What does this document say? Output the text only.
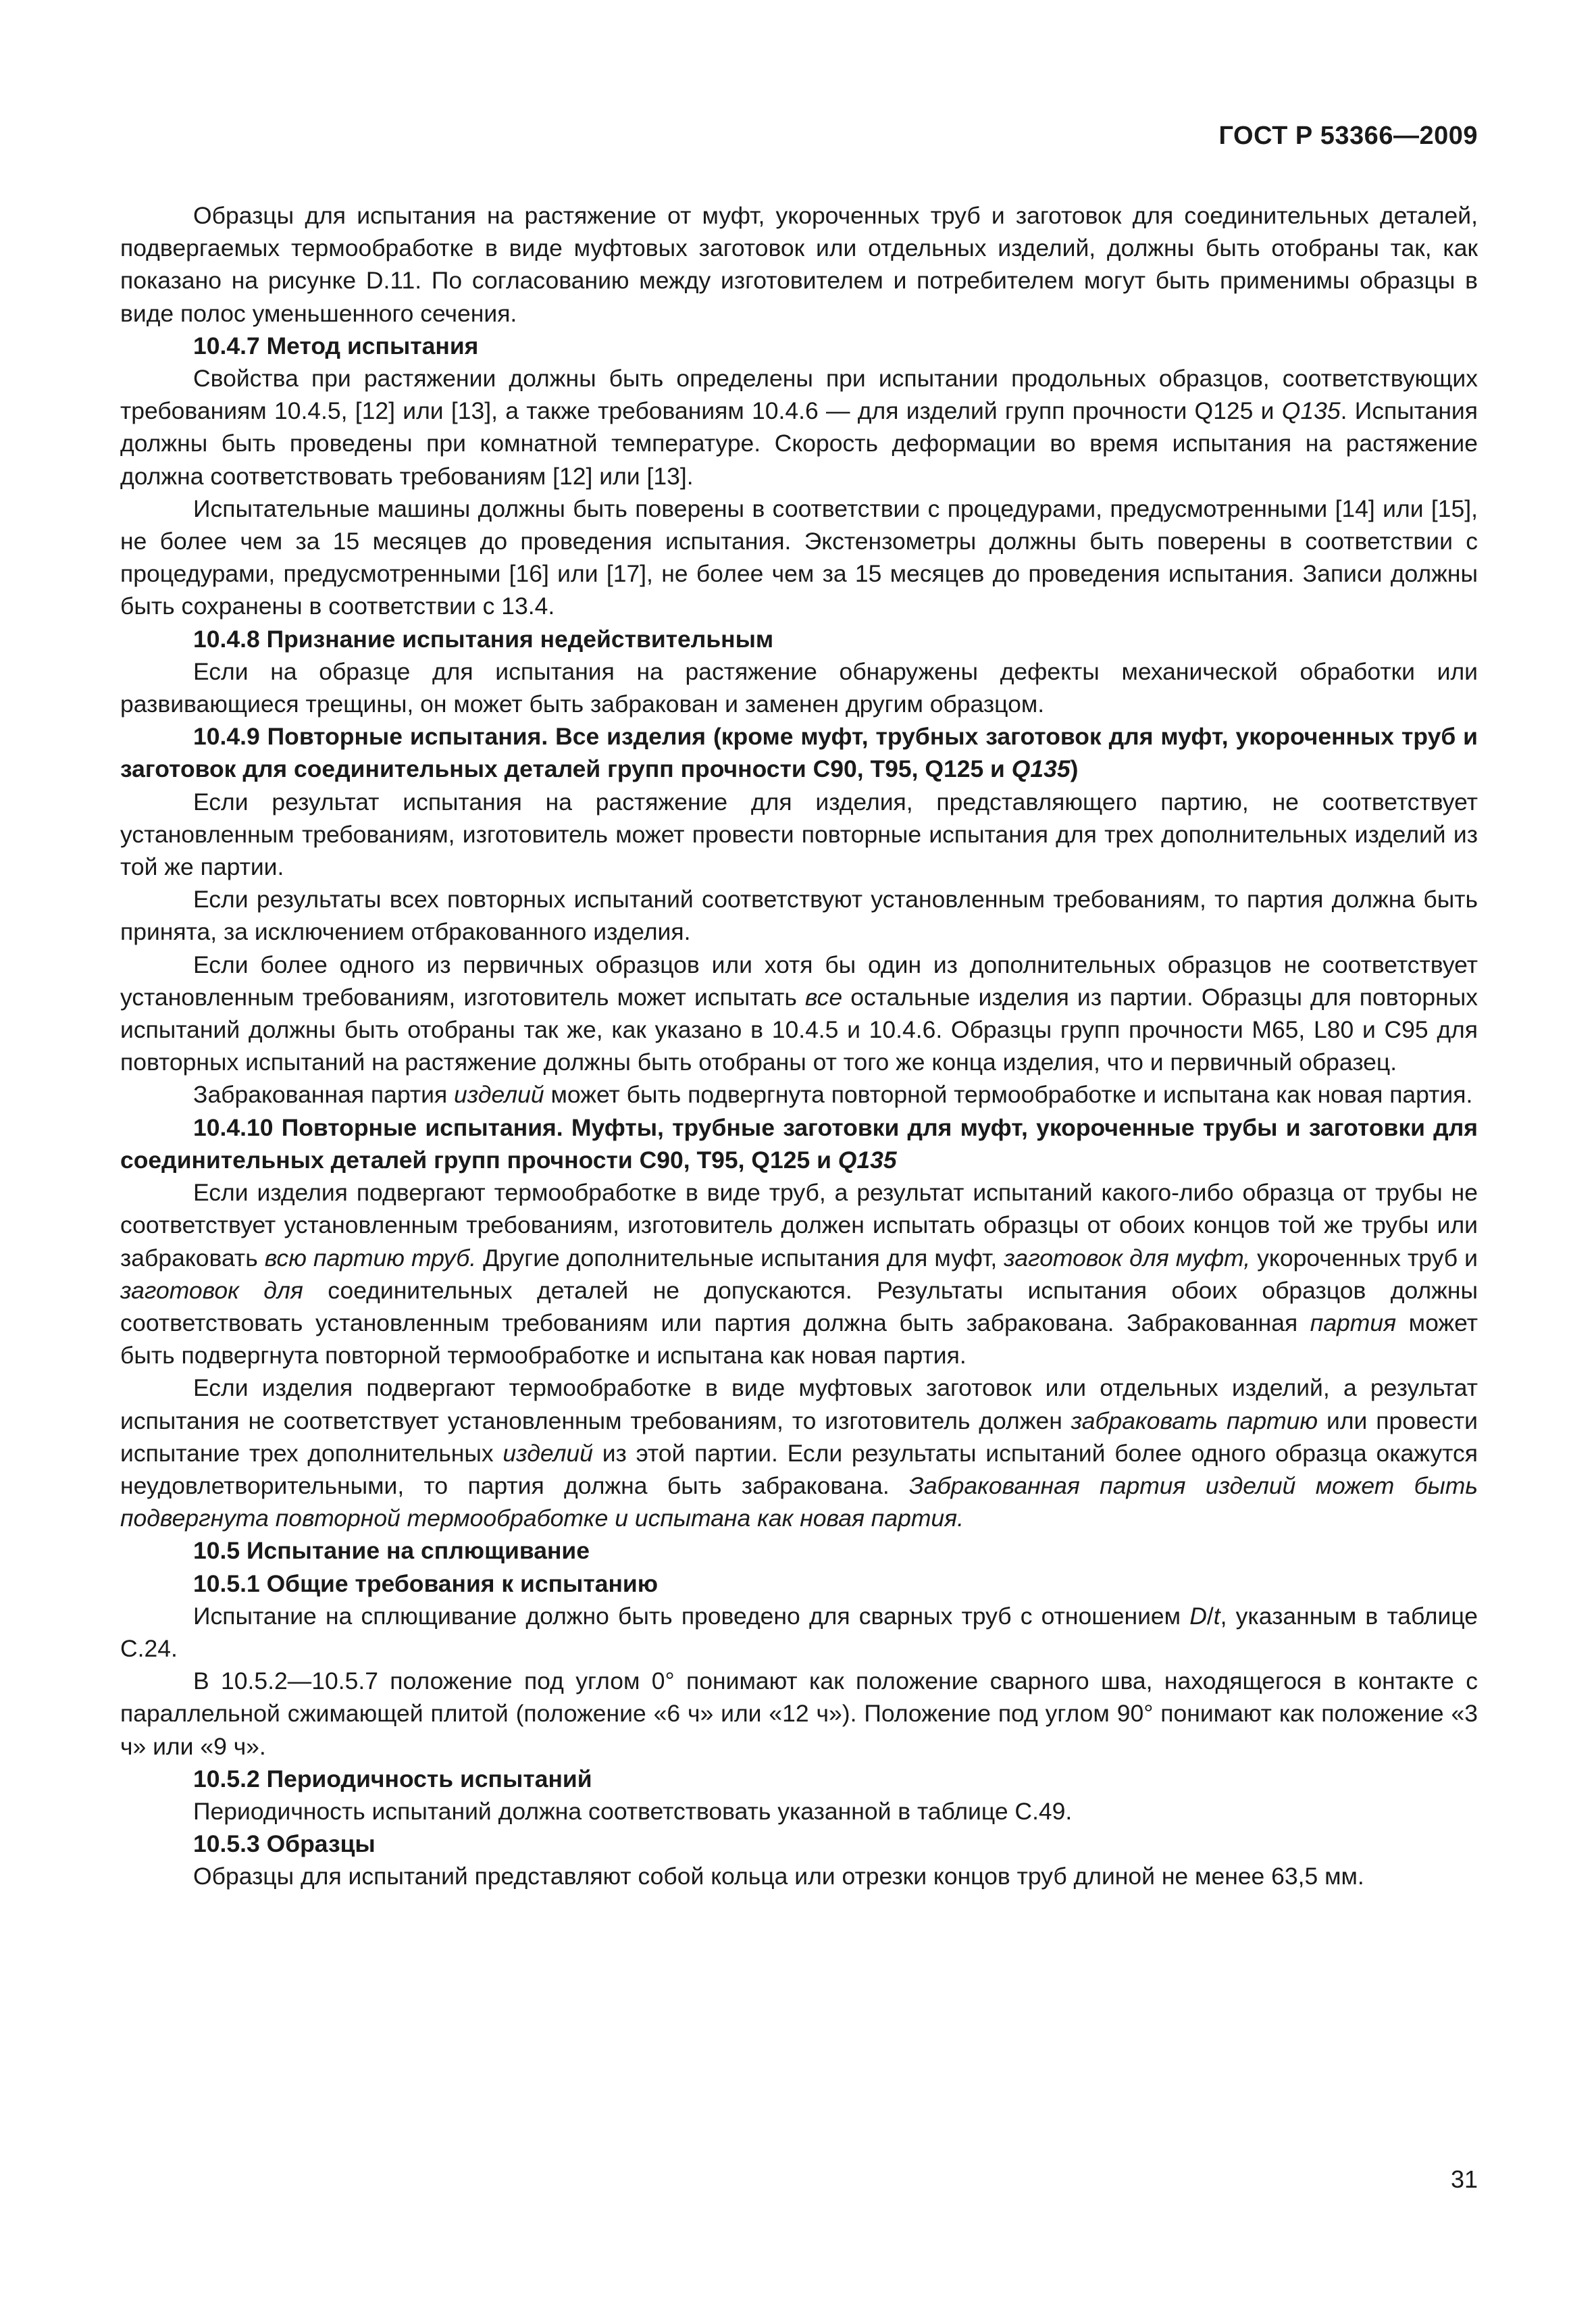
ГОСТ Р 53366—2009

Образцы для испытания на растяжение от муфт, укороченных труб и заготовок для соединительных деталей, подвергаемых термообработке в виде муфтовых заготовок или отдельных изделий, должны быть отобраны так, как показано на рисунке D.11. По согласованию между изготовителем и потребителем могут быть применимы образцы в виде полос уменьшенного сечения.

10.4.7 Метод испытания

Свойства при растяжении должны быть определены при испытании продольных образцов, соответствующих требованиям 10.4.5, [12] или [13], а также требованиям 10.4.6 — для изделий групп прочности Q125 и Q135. Испытания должны быть проведены при комнатной температуре. Скорость деформации во время испытания на растяжение должна соответствовать требованиям [12] или [13].

Испытательные машины должны быть поверены в соответствии с процедурами, предусмотренными [14] или [15], не более чем за 15 месяцев до проведения испытания. Экстензометры должны быть поверены в соответствии с процедурами, предусмотренными [16] или [17], не более чем за 15 месяцев до проведения испытания. Записи должны быть сохранены в соответствии с 13.4.

10.4.8 Признание испытания недействительным

Если на образце для испытания на растяжение обнаружены дефекты механической обработки или развивающиеся трещины, он может быть забракован и заменен другим образцом.

10.4.9 Повторные испытания. Все изделия (кроме муфт, трубных заготовок для муфт, укороченных труб и заготовок для соединительных деталей групп прочности С90, Т95, Q125 и Q135)

Если результат испытания на растяжение для изделия, представляющего партию, не соответствует установленным требованиям, изготовитель может провести повторные испытания для трех дополнительных изделий из той же партии.

Если результаты всех повторных испытаний соответствуют установленным требованиям, то партия должна быть принята, за исключением отбракованного изделия.

Если более одного из первичных образцов или хотя бы один из дополнительных образцов не соответствует установленным требованиям, изготовитель может испытать все остальные изделия из партии. Образцы для повторных испытаний должны быть отобраны так же, как указано в 10.4.5 и 10.4.6. Образцы групп прочности М65, L80 и С95 для повторных испытаний на растяжение должны быть отобраны от того же конца изделия, что и первичный образец.

Забракованная партия изделий может быть подвергнута повторной термообработке и испытана как новая партия.

10.4.10 Повторные испытания. Муфты, трубные заготовки для муфт, укороченные трубы и заготовки для соединительных деталей групп прочности С90, Т95, Q125 и Q135

Если изделия подвергают термообработке в виде труб, а результат испытаний какого-либо образца от трубы не соответствует установленным требованиям, изготовитель должен испытать образцы от обоих концов той же трубы или забраковать всю партию труб. Другие дополнительные испытания для муфт, заготовок для муфт, укороченных труб и заготовок для соединительных деталей не допускаются. Результаты испытания обоих образцов должны соответствовать установленным требованиям или партия должна быть забракована. Забракованная партия может быть подвергнута повторной термообработке и испытана как новая партия.

Если изделия подвергают термообработке в виде муфтовых заготовок или отдельных изделий, а результат испытания не соответствует установленным требованиям, то изготовитель должен забраковать партию или провести испытание трех дополнительных изделий из этой партии. Если результаты испытаний более одного образца окажутся неудовлетворительными, то партия должна быть забракована. Забракованная партия изделий может быть подвергнута повторной термообработке и испытана как новая партия.

10.5 Испытание на сплющивание

10.5.1 Общие требования к испытанию

Испытание на сплющивание должно быть проведено для сварных труб с отношением D/t, указанным в таблице С.24.

В 10.5.2—10.5.7 положение под углом 0° понимают как положение сварного шва, находящегося в контакте с параллельной сжимающей плитой (положение «6 ч» или «12 ч»). Положение под углом 90° понимают как положение «3 ч» или «9 ч».

10.5.2 Периодичность испытаний

Периодичность испытаний должна соответствовать указанной в таблице С.49.

10.5.3 Образцы

Образцы для испытаний представляют собой кольца или отрезки концов труб длиной не менее 63,5 мм.

31
